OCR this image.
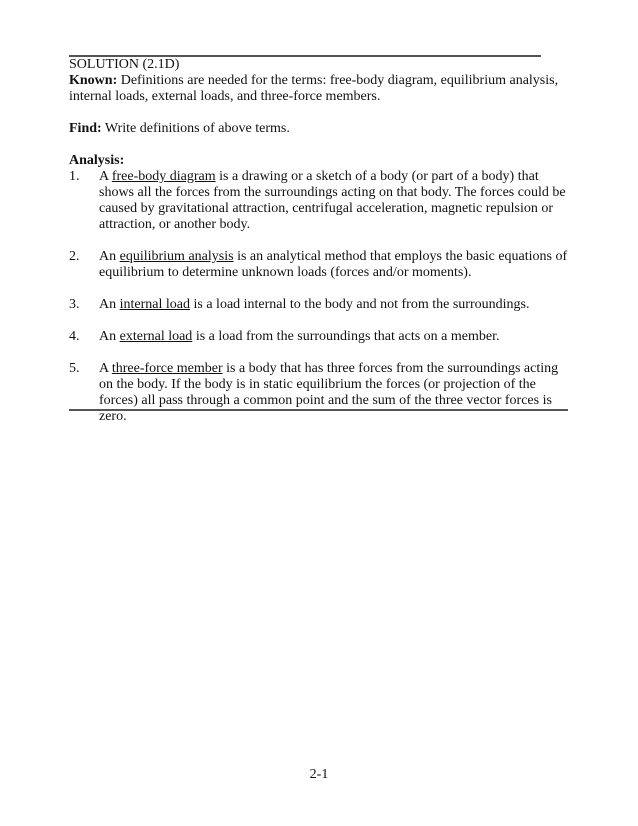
SOLUTION (2.1D)

Known: Definitions are needed for the terms: free-body diagram, equilibrium analysis, internal loads, external loads, and three-force members.

Find: Write definitions of above terms.

Analysis:

1. A free-body diagram is a drawing or a sketch of a body (or part of a body) that shows all the forces from the surroundings acting on that body. The forces could be caused by gravitational attraction, centrifugal acceleration, magnetic repulsion or attraction, or another body.
2. An equilibrium analysis is an analytical method that employs the basic equations of equilibrium to determine unknown loads (forces and/or moments).
3. An internal load is a load internal to the body and not from the surroundings.
4. An external load is a load from the surroundings that acts on a member.
5. A three-force member is a body that has three forces from the surroundings acting on the body. If the body is in static equilibrium the forces (or projection of the forces) all pass through a common point and the sum of the three vector forces is zero.
2-1
